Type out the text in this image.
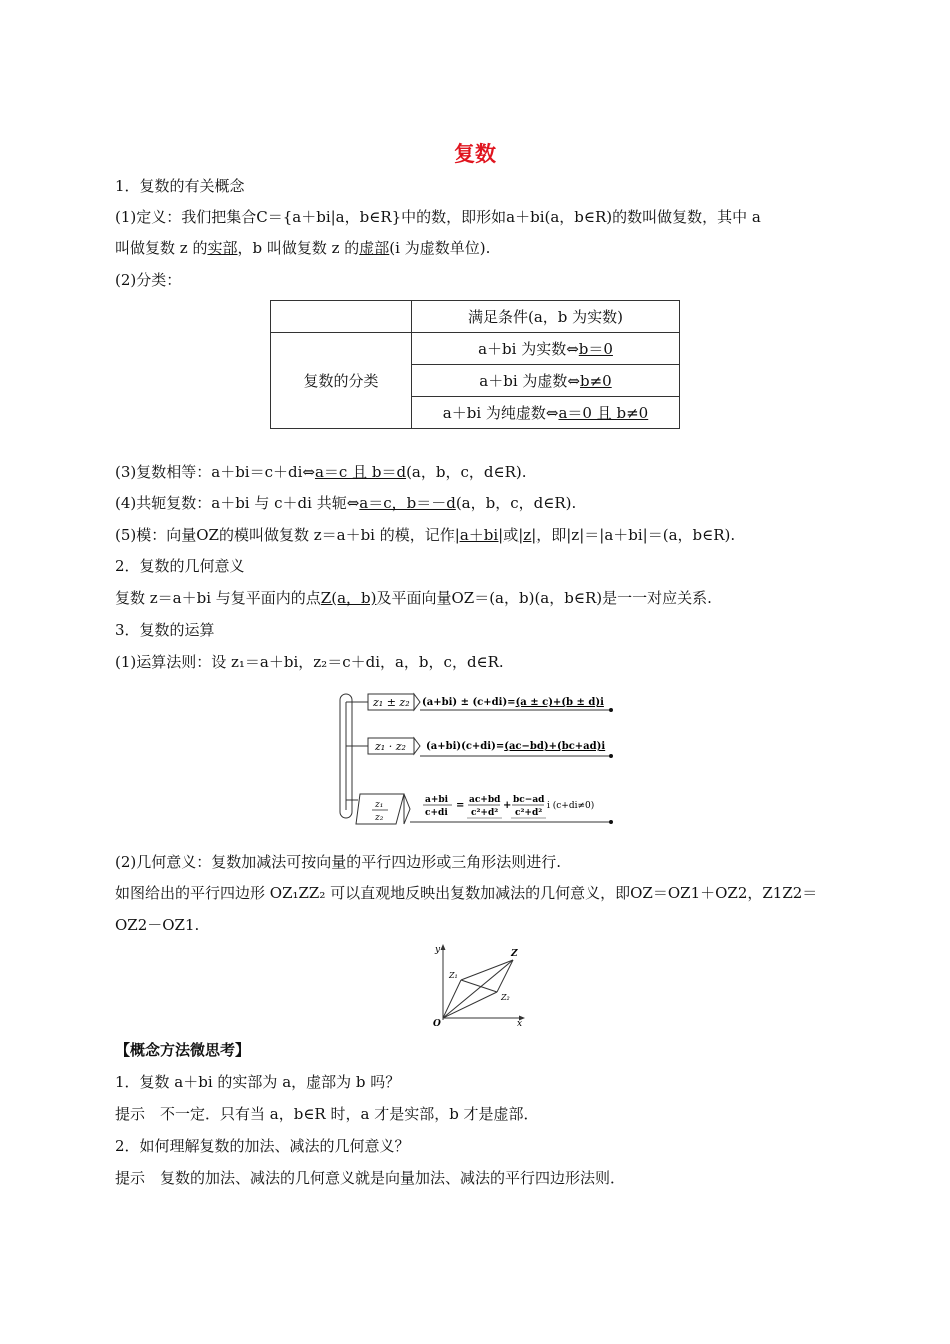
复数
1．复数的有关概念
(1)定义：我们把集合C＝{a＋bi|a，b∈R}中的数，即形如a＋bi(a，b∈R)的数叫做复数，其中 a
叫做复数 z 的实部，b 叫做复数 z 的虚部(i 为虚数单位).
(2)分类：
	满足条件(a，b 为实数)
复数的分类	a＋bi 为实数⇔b＝0
	a＋bi 为虚数⇔b≠0
	a＋bi 为纯虚数⇔a＝0 且 b≠0
(3)复数相等：a＋bi＝c＋di⇔a＝c 且 b＝d(a，b，c，d∈R).
(4)共轭复数：a＋bi 与 c＋di 共轭⇔a＝c，b＝－d(a，b，c，d∈R).
(5)模：向量OZ的模叫做复数 z＝a＋bi 的模，记作|a＋bi|或|z|，即|z|＝|a＋bi|＝(a，b∈R).
2．复数的几何意义
复数 z＝a＋bi 与复平面内的点Z(a，b)及平面向量OZ＝(a，b)(a，b∈R)是一一对应关系.
3．复数的运算
(1)运算法则：设 z₁＝a＋bi，z₂＝c＋di，a，b，c，d∈R.
z₁ ± z₂ (a+bi) ± (c+di)=(a ± c)+(b ± d)i
z₁ · z₂ (a+bi)(c+di)=(ac−bd)+(bc+ad)i
z₁
z₂
a+bi
c+di
= ac+bd
c²+d²
+ bc−ad
c²+d²
i (c+di≠0)
(2)几何意义：复数加减法可按向量的平行四边形或三角形法则进行.
如图给出的平行四边形 OZ₁ZZ₂ 可以直观地反映出复数加减法的几何意义，即OZ＝OZ1＋OZ2，Z1Z2＝
OZ2－OZ1.
y
x
O
Z
Z₁
Z₂
【概念方法微思考】
1．复数 a＋bi 的实部为 a，虚部为 b 吗？
提示　不一定．只有当 a，b∈R 时，a 才是实部，b 才是虚部．
2．如何理解复数的加法、减法的几何意义？
提示　复数的加法、减法的几何意义就是向量加法、减法的平行四边形法则．
